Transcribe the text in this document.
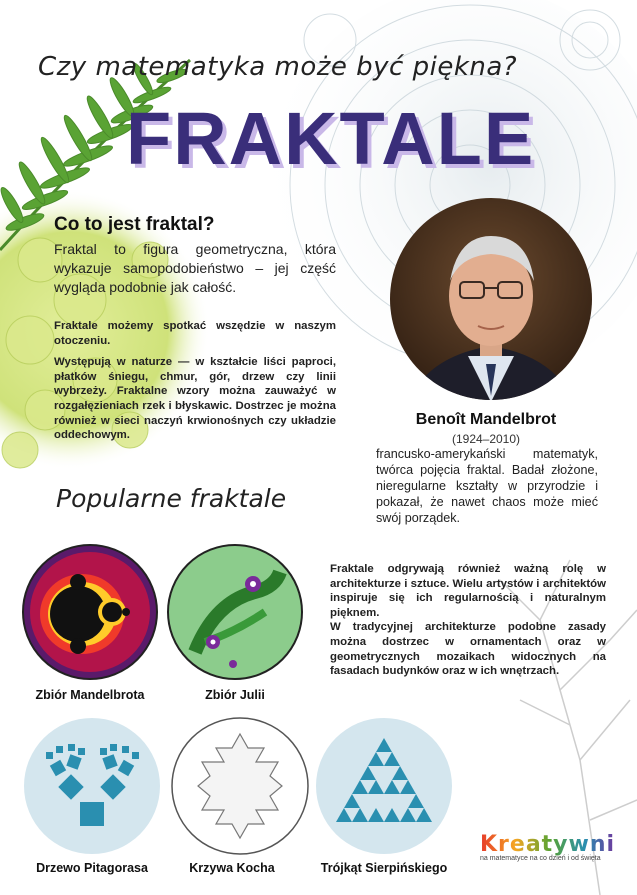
Czy matematyka może być piękna?
FRAKTALE
Co to jest fraktal?
Fraktal to figura geometryczna, która wykazuje samopodobieństwo – jej część wygląda podobnie jak całość.

Fraktale możemy spotkać wszędzie w naszym otoczeniu.

Występują w naturze — w kształcie liści paproci, płatków śniegu, chmur, gór, drzew czy linii wybrzeży. Fraktalne wzory można zauważyć w rozgałęzieniach rzek i błyskawic. Dostrzec je można również w sieci naczyń krwionośnych czy układzie oddechowym.

Benoît Mandelbrot
(1924–2010)
francusko-amerykański matematyk, twórca pojęcia fraktal. Badał złożone, nieregularne kształty w przyrodzie i pokazał, że nawet chaos może mieć swój porządek.
Popularne fraktale
Zbiór Mandelbrota	Zbiór Julii
Drzewo Pitagorasa	Krzywa Kocha	Trójkąt Sierpińskiego

Fraktale odgrywają również ważną rolę w architekturze i sztuce. Wielu artystów i architektów inspiruje się ich regularnością i naturalnym pięknem.

W tradycyjnej architekturze podobne zasady można dostrzec w ornamentach oraz w geometrycznych mozaikach widocznych na fasadach budynków oraz w ich wnętrzach.

Kreatywni
na matematyce na co dzień i od święta
